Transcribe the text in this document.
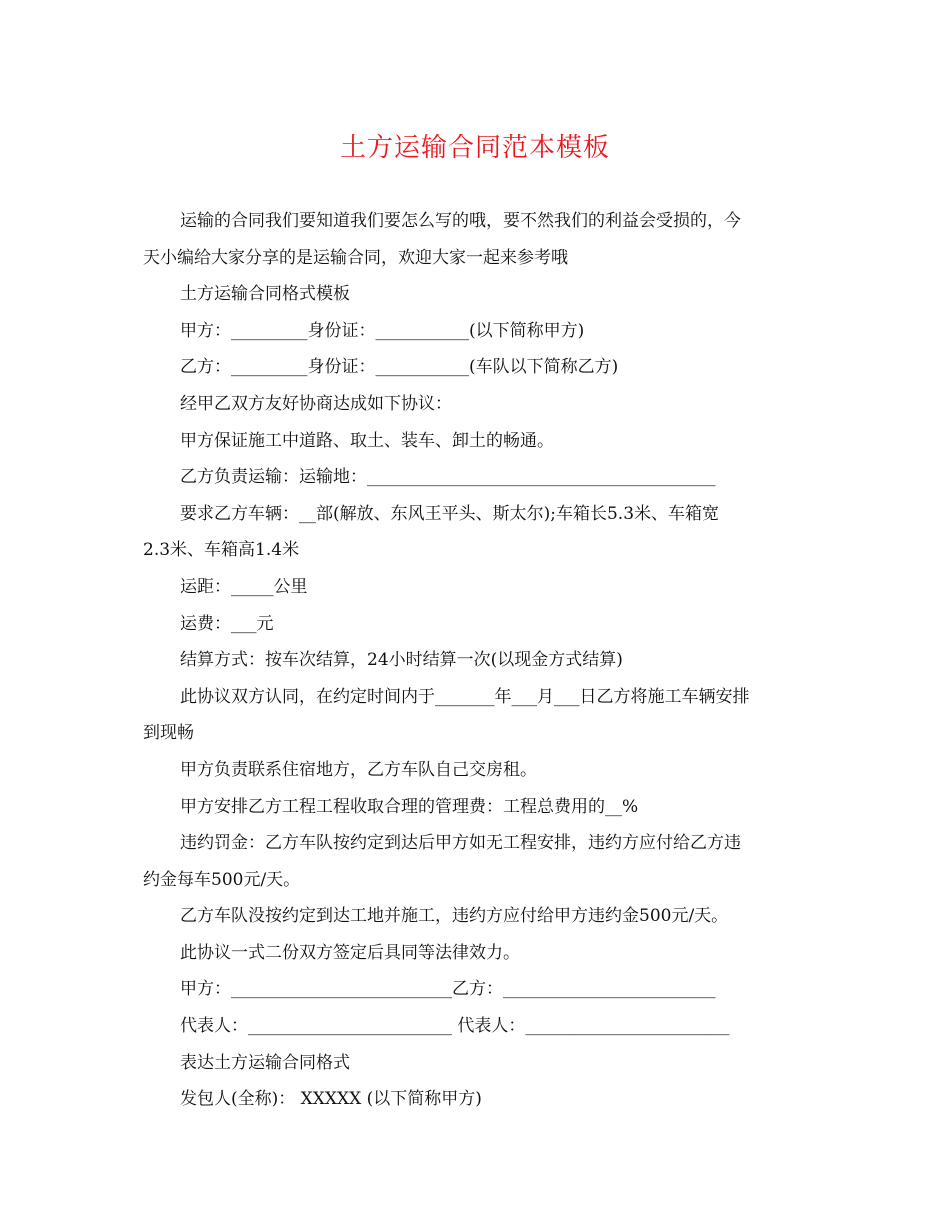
土方运输合同范本模板

运输的合同我们要知道我们要怎么写的哦，要不然我们的利益会受损的，今
天小编给大家分享的是运输合同，欢迎大家一起来参考哦

土方运输合同格式模板

甲方：_________身份证：___________(以下简称甲方)

乙方：_________身份证：___________(车队以下简称乙方)

经甲乙双方友好协商达成如下协议：

甲方保证施工中道路、取土、装车、卸土的畅通。

乙方负责运输：运输地：_________________________________________

要求乙方车辆：__部(解放、东风王平头、斯太尔);车箱长5.3米、车箱宽
2.3米、车箱高1.4米

运距：_____公里

运费：___元

结算方式：按车次结算，24小时结算一次(以现金方式结算)

此协议双方认同，在约定时间内于_______年___月___日乙方将施工车辆安排
到现畅

甲方负责联系住宿地方，乙方车队自己交房租。

甲方安排乙方工程工程收取合理的管理费：工程总费用的__%

违约罚金：乙方车队按约定到达后甲方如无工程安排，违约方应付给乙方违
约金每车500元/天。

乙方车队没按约定到达工地并施工，违约方应付给甲方违约金500元/天。

此协议一式二份双方签定后具同等法律效力。

甲方：__________________________乙方：_________________________

代表人：________________________ 代表人：________________________

表达土方运输合同格式

发包人(全称)： XXXXX (以下简称甲方)
